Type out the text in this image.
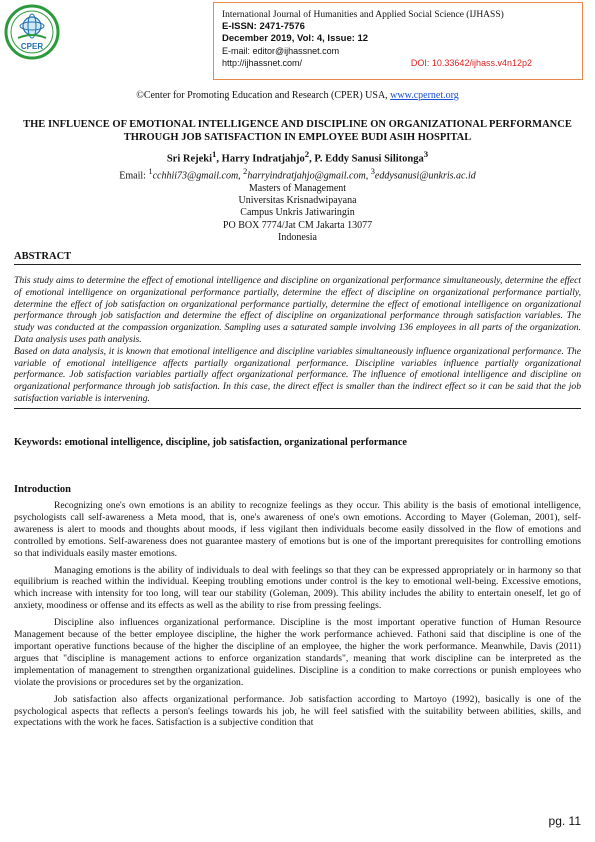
CPER
International Journal of Humanities and Applied Social Science (IJHASS)
E-ISSN: 2471-7576
December 2019, Vol: 4, Issue: 12
E-mail: editor@ijhassnet.com
http://ijhassnet.com/	DOI: 10.33642/ijhass.v4n12p2
©Center for Promoting Education and Research (CPER) USA, www.cpernet.org
THE INFLUENCE OF EMOTIONAL INTELLIGENCE AND DISCIPLINE ON ORGANIZATIONAL PERFORMANCE THROUGH JOB SATISFACTION IN EMPLOYEE BUDI ASIH HOSPITAL
Sri Rejeki$^1$, Harry Indratjahjo$^2$, P. Eddy Sanusi Silitonga$^3$
Email: $^1$cchhii73@gmail.com, $^2$harryindratjahjo@gmail.com, $^3$eddysanusi@unkris.ac.id
Masters of Management
Universitas Krisnadwipayana
Campus Unkris Jatiwaringin
PO BOX 7774/Jat CM Jakarta 13077
Indonesia
ABSTRACT

This study aims to determine the effect of emotional intelligence and discipline on organizational performance simultaneously, determine the effect of emotional intelligence on organizational performance partially, determine the effect of discipline on organizational performance partially, determine the effect of job satisfaction on organizational performance partially, determine the effect of emotional intelligence on organizational performance through job satisfaction and determine the effect of discipline on organizational performance through satisfaction variables. The study was conducted at the compassion organization. Sampling uses a saturated sample involving 136 employees in all parts of the organization. Data analysis uses path analysis.

Based on data analysis, it is known that emotional intelligence and discipline variables simultaneously influence organizational performance. The variable of emotional intelligence affects partially organizational performance. Discipline variables influence partially organizational performance. Job satisfaction variables partially affect organizational performance. The influence of emotional intelligence and discipline on organizational performance through job satisfaction. In this case, the direct effect is smaller than the indirect effect so it can be said that the job satisfaction variable is intervening.

Keywords: emotional intelligence, discipline, job satisfaction, organizational performance
Introduction

Recognizing one's own emotions is an ability to recognize feelings as they occur. This ability is the basis of emotional intelligence, psychologists call self-awareness a Meta mood, that is, one's awareness of one's own emotions. According to Mayer (Goleman, 2001), self-awareness is alert to moods and thoughts about moods, if less vigilant then individuals become easily dissolved in the flow of emotions and controlled by emotions. Self-awareness does not guarantee mastery of emotions but is one of the important prerequisites for controlling emotions so that individuals easily master emotions.

Managing emotions is the ability of individuals to deal with feelings so that they can be expressed appropriately or in harmony so that equilibrium is reached within the individual. Keeping troubling emotions under control is the key to emotional well-being. Excessive emotions, which increase with intensity for too long, will tear our stability (Goleman, 2009). This ability includes the ability to entertain oneself, let go of anxiety, moodiness or offense and its effects as well as the ability to rise from pressing feelings.

Discipline also influences organizational performance. Discipline is the most important operative function of Human Resource Management because of the better employee discipline, the higher the work performance achieved. Fathoni said that discipline is one of the important operative functions because of the higher the discipline of an employee, the higher the work performance. Meanwhile, Davis (2011) argues that "discipline is management actions to enforce organization standards", meaning that work discipline can be interpreted as the implementation of management to strengthen organizational guidelines. Discipline is a condition to make corrections or punish employees who violate the provisions or procedures set by the organization.

Job satisfaction also affects organizational performance. Job satisfaction according to Martoyo (1992), basically is one of the psychological aspects that reflects a person's feelings towards his job, he will feel satisfied with the suitability between abilities, skills, and expectations with the work he faces. Satisfaction is a subjective condition that

pg. 11
